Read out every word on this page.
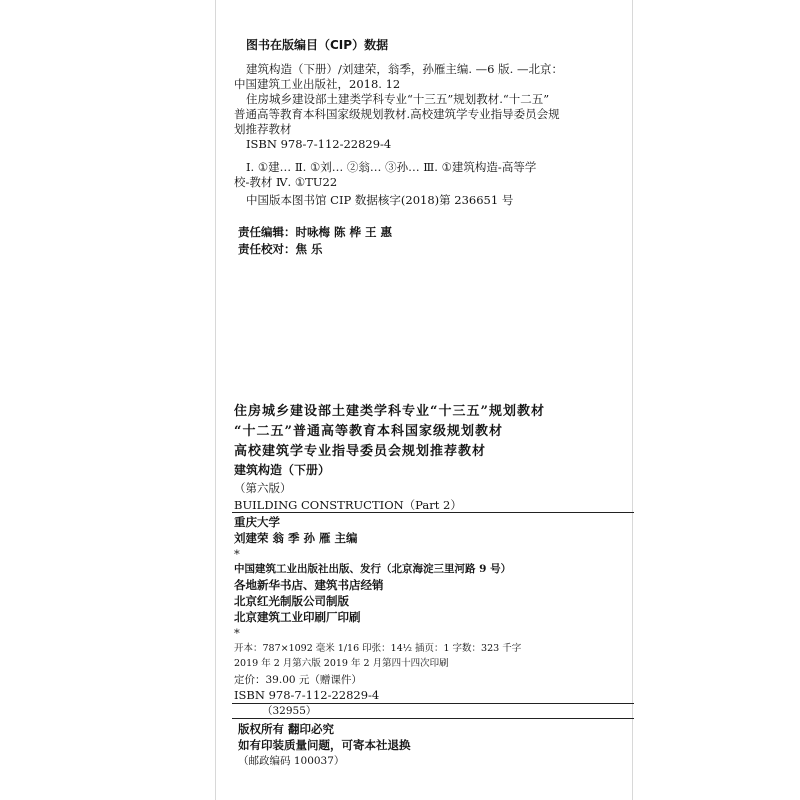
图书在版编目（CIP）数据
建筑构造（下册）/刘建荣，翁季，孙雁主编. —6 版. —北京：
中国建筑工业出版社，2018. 12
住房城乡建设部土建类学科专业“十三五”规划教材.“十二五”
普通高等教育本科国家级规划教材.高校建筑学专业指导委员会规
划推荐教材
ISBN 978-7-112-22829-4
Ⅰ. ①建… Ⅱ. ①刘… ②翁… ③孙… Ⅲ. ①建筑构造-高等学
校-教材 Ⅳ. ①TU22
中国版本图书馆 CIP 数据核字(2018)第 236651 号
责任编辑：时咏梅 陈 桦 王 惠
责任校对：焦 乐
住房城乡建设部土建类学科专业“十三五”规划教材
“十二五”普通高等教育本科国家级规划教材
高校建筑学专业指导委员会规划推荐教材
建筑构造（下册）
（第六版）
BUILDING CONSTRUCTION（Part 2）
重庆大学
刘建荣 翁 季 孙 雁 主编
*
中国建筑工业出版社出版、发行（北京海淀三里河路 9 号）
各地新华书店、建筑书店经销
北京红光制版公司制版
北京建筑工业印刷厂印刷
*
开本：787×1092 毫米 1/16 印张：14½ 插页：1 字数：323 千字
2019 年 2 月第六版 2019 年 2 月第四十四次印刷
定价：39.00 元（赠课件）
ISBN 978-7-112-22829-4
（32955）
版权所有 翻印必究
如有印装质量问题，可寄本社退换
（邮政编码 100037）
